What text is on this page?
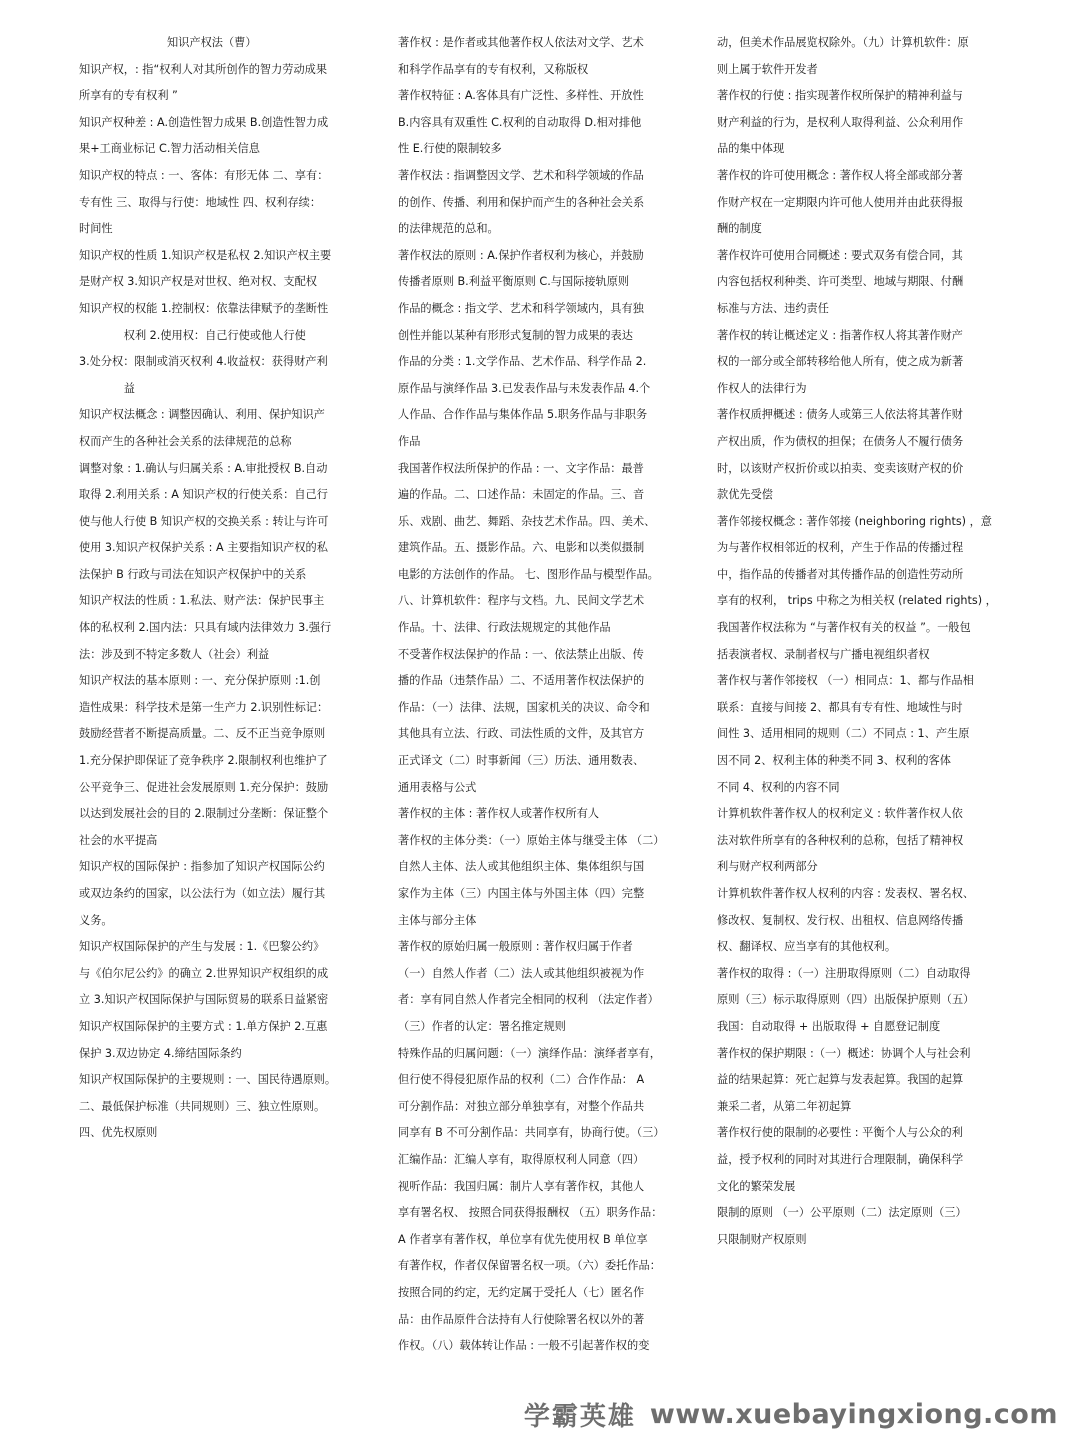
知识产权法（曹）

知识产权，: 指“权利人对其所创作的智力劳动成果

所享有的专有权利 ”

知识产权种差 : A.创造性智力成果 B.创造性智力成

果+工商业标记 C.智力活动相关信息

知识产权的特点 : 一、客体：有形无体 二、享有：

专有性 三、取得与行使：地域性 四、权利存续：

时间性

知识产权的性质 1.知识产权是私权 2.知识产权主要

是财产权 3.知识产权是对世权、绝对权、支配权

知识产权的权能 1.控制权：依靠法律赋予的垄断性

　　　　权利 2.使用权：自己行使或他人行使

3.处分权：限制或消灭权利 4.收益权：获得财产利

　　　　益

知识产权法概念 : 调整因确认、利用、保护知识产

权而产生的各种社会关系的法律规范的总称

调整对象 : 1.确认与归属关系 : A.审批授权 B.自动

取得 2.利用关系 : A 知识产权的行使关系：自己行

使与他人行使 B 知识产权的交换关系 : 转让与许可

使用 3.知识产权保护关系 : A 主要指知识产权的私

法保护 B 行政与司法在知识产权保护中的关系

知识产权法的性质 : 1.私法、财产法：保护民事主

体的私权利 2.国内法：只具有域内法律效力 3.强行

法：涉及到不特定多数人（社会）利益

知识产权法的基本原则 : 一、充分保护原则 :1.创

造性成果：科学技术是第一生产力 2.识别性标记：

鼓励经营者不断提高质量。二、反不正当竞争原则

1.充分保护即保证了竞争秩序 2.限制权利也维护了

公平竞争三、促进社会发展原则 1.充分保护：鼓励

以达到发展社会的目的 2.限制过分垄断：保证整个

社会的水平提高

知识产权的国际保护 : 指参加了知识产权国际公约

或双边条约的国家，以公法行为（如立法）履行其

义务。

知识产权国际保护的产生与发展 : 1.《巴黎公约》

与《伯尔尼公约》的确立 2.世界知识产权组织的成

立 3.知识产权国际保护与国际贸易的联系日益紧密

知识产权国际保护的主要方式 : 1.单方保护 2.互惠

保护 3.双边协定 4.缔结国际条约

知识产权国际保护的主要规则 : 一、国民待遇原则。

二、最低保护标准（共同规则）三、独立性原则。

四、优先权原则

著作权 : 是作者或其他著作权人依法对文学、艺术

和科学作品享有的专有权利，又称版权

著作权特征 : A.客体具有广泛性、多样性、开放性

B.内容具有双重性 C.权利的自动取得 D.相对排他

性 E.行使的限制较多

著作权法 : 指调整因文学、艺术和科学领域的作品

的创作、传播、利用和保护而产生的各种社会关系

的法律规范的总和。

著作权法的原则 : A.保护作者权利为核心，并鼓励

传播者原则 B.利益平衡原则 C.与国际接轨原则

作品的概念 : 指文学、艺术和科学领域内，具有独

创性并能以某种有形形式复制的智力成果的表达

作品的分类 : 1.文学作品、艺术作品、科学作品 2.

原作品与演绎作品 3.已发表作品与未发表作品 4.个

人作品、合作作品与集体作品 5.职务作品与非职务

作品

我国著作权法所保护的作品 : 一、文字作品：最普

遍的作品。二、口述作品：未固定的作品。三、音

乐、戏剧、曲艺、舞蹈、杂技艺术作品。四、美术、

建筑作品。五、摄影作品。六、电影和以类似摄制

电影的方法创作的作品。 七、图形作品与模型作品。

八、计算机软件：程序与文档。九、民间文学艺术

作品。十、法律、行政法规规定的其他作品

不受著作权法保护的作品 : 一、依法禁止出版、传

播的作品（违禁作品）二、不适用著作权法保护的

作品：（一）法律、法规，国家机关的决议、命令和

其他具有立法、行政、司法性质的文件，及其官方

正式译文（二）时事新闻（三）历法、通用数表、

通用表格与公式

著作权的主体 : 著作权人或著作权所有人

著作权的主体分类：（一）原始主体与继受主体 （二）

自然人主体、法人或其他组织主体、集体组织与国

家作为主体（三）内国主体与外国主体（四）完整

主体与部分主体

著作权的原始归属一般原则 : 著作权归属于作者

（一）自然人作者（二）法人或其他组织被视为作

者：享有同自然人作者完全相同的权利 （法定作者）

（三）作者的认定：署名推定规则

特殊作品的归属问题：（一）演绎作品：演绎者享有，

但行使不得侵犯原作品的权利（二）合作作品： A

可分割作品：对独立部分单独享有，对整个作品共

同享有 B 不可分割作品：共同享有，协商行使。（三）

汇编作品：汇编人享有，取得原权利人同意（四）

视听作品：我国归属：制片人享有著作权，其他人

享有署名权、 按照合同获得报酬权 （五）职务作品：

A 作者享有著作权，单位享有优先使用权 B 单位享

有著作权，作者仅保留署名权一项。（六）委托作品：

按照合同的约定，无约定属于受托人（七）匿名作

品：由作品原件合法持有人行使除署名权以外的著

作权。（八）载体转让作品 : 一般不引起著作权的变

动，但美术作品展览权除外。（九）计算机软件：原

则上属于软件开发者

著作权的行使 : 指实现著作权所保护的精神利益与

财产利益的行为，是权利人取得利益、公众利用作

品的集中体现

著作权的许可使用概念 : 著作权人将全部或部分著

作财产权在一定期限内许可他人使用并由此获得报

酬的制度

著作权许可使用合同概述 : 要式双务有偿合同，其

内容包括权利种类、许可类型、地域与期限、付酬

标准与方法、违约责任

著作权的转让概述定义 : 指著作权人将其著作财产

权的一部分或全部转移给他人所有，使之成为新著

作权人的法律行为

著作权质押概述 : 债务人或第三人依法将其著作财

产权出质，作为债权的担保；在债务人不履行债务

时，以该财产权折价或以拍卖、变卖该财产权的价

款优先受偿

著作邻接权概念 : 著作邻接 (neighboring rights) ，意

为与著作权相邻近的权利，产生于作品的传播过程

中，指作品的传播者对其传播作品的创造性劳动所

享有的权利， trips 中称之为相关权 (related rights) ，

我国著作权法称为 “与著作权有关的权益 ”。一般包

括表演者权、录制者权与广播电视组织者权

著作权与著作邻接权 （一）相同点：1、都与作品相

联系：直接与间接 2、都具有专有性、地域性与时

间性 3、适用相同的规则（二）不同点 : 1、产生原

因不同 2、权利主体的种类不同 3、权利的客体

不同 4、权利的内容不同

计算机软件著作权人的权利定义 : 软件著作权人依

法对软件所享有的各种权利的总称，包括了精神权

利与财产权利两部分

计算机软件著作权人权利的内容 : 发表权、署名权、

修改权、复制权、发行权、出租权、信息网络传播

权、翻译权、应当享有的其他权利。

著作权的取得 :（一）注册取得原则（二）自动取得

原则（三）标示取得原则（四）出版保护原则（五）

我国：自动取得 + 出版取得 + 自愿登记制度

著作权的保护期限 :（一）概述：协调个人与社会利

益的结果起算：死亡起算与发表起算。我国的起算

兼采二者，从第二年初起算

著作权行使的限制的必要性 : 平衡个人与公众的利

益，授予权利的同时对其进行合理限制，确保科学

文化的繁荣发展

限制的原则 （一）公平原则（二）法定原则（三）

只限制财产权原则

学霸英雄 www.xuebayingxiong.com
